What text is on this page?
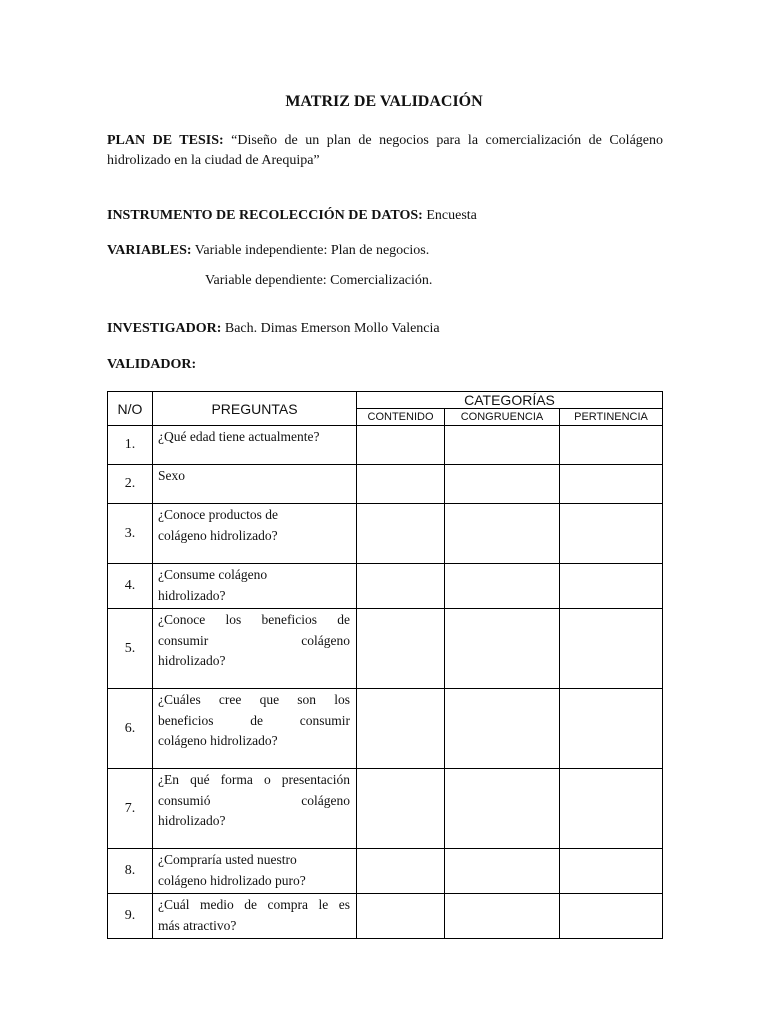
MATRIZ DE VALIDACIÓN
PLAN DE TESIS: “Diseño de un plan de negocios para la comercialización de Colágeno hidrolizado en la ciudad de Arequipa”
INSTRUMENTO DE RECOLECCIÓN DE DATOS: Encuesta
VARIABLES: Variable independiente: Plan de negocios.
Variable dependiente: Comercialización.
INVESTIGADOR: Bach. Dimas Emerson Mollo Valencia
VALIDADOR:
N/O	PREGUNTAS	CATEGORÍAS		
		CONTENIDO	CONGRUENCIA	PERTINENCIA
1.	¿Qué edad tiene actualmente?			

2.	Sexo			

3.	¿Conoce productos de
colágeno hidrolizado?			

4.	¿Consume colágeno
hidrolizado?			

5.	¿Conoce los beneficios de
consumir colágeno
hidrolizado?			

6.	¿Cuáles cree que son los
beneficios de consumir
colágeno hidrolizado?			

7.	¿En qué forma o presentación
consumió colágeno
hidrolizado?			

8.	¿Compraría usted nuestro
colágeno hidrolizado puro?			

9.	¿Cuál medio de compra le es
más atractivo?			
